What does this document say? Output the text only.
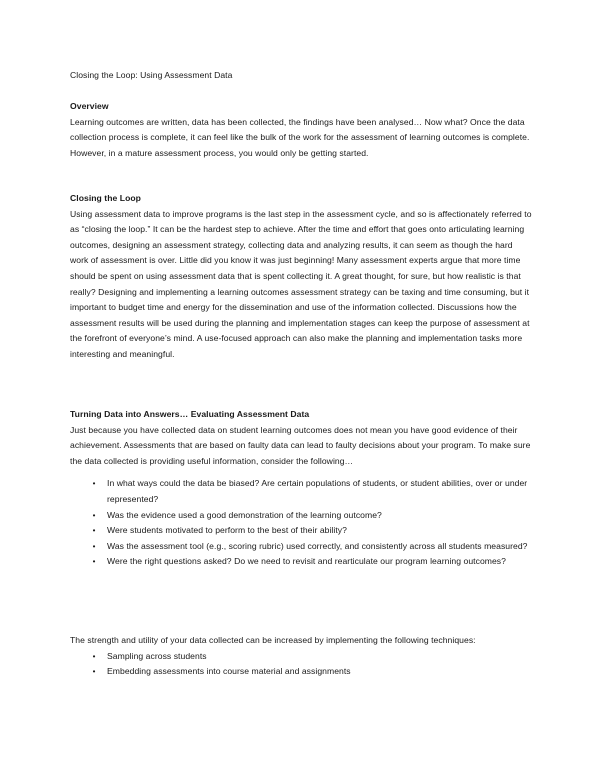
Closing the Loop: Using Assessment Data
Overview

Learning outcomes are written, data has been collected, the findings have been analysed… Now what? Once the data collection process is complete, it can feel like the bulk of the work for the assessment of learning outcomes is complete. However, in a mature assessment process, you would only be getting started.

Closing the Loop

Using assessment data to improve programs is the last step in the assessment cycle, and so is affectionately referred to as “closing the loop.” It can be the hardest step to achieve. After the time and effort that goes onto articulating learning outcomes, designing an assessment strategy, collecting data and analyzing results, it can seem as though the hard work of assessment is over. Little did you know it was just beginning! Many assessment experts argue that more time should be spent on using assessment data that is spent collecting it. A great thought, for sure, but how realistic is that really? Designing and implementing a learning outcomes assessment strategy can be taxing and time consuming, but it important to budget time and energy for the dissemination and use of the information collected. Discussions how the assessment results will be used during the planning and implementation stages can keep the purpose of assessment at the forefront of everyone’s mind. A use-focused approach can also make the planning and implementation tasks more interesting and meaningful.

Turning Data into Answers… Evaluating Assessment Data

Just because you have collected data on student learning outcomes does not mean you have good evidence of their achievement. Assessments that are based on faulty data can lead to faulty decisions about your program. To make sure the data collected is providing useful information, consider the following…

•	In what ways could the data be biased? Are certain populations of students, or student abilities, over or under represented?
•	Was the evidence used a good demonstration of the learning outcome?
•	Were students motivated to perform to the best of their ability?
•	Was the assessment tool (e.g., scoring rubric) used correctly, and consistently across all students measured?
•	Were the right questions asked? Do we need to revisit and rearticulate our program learning outcomes?

The strength and utility of your data collected can be increased by implementing the following techniques:

•	Sampling across students
•	Embedding assessments into course material and assignments
